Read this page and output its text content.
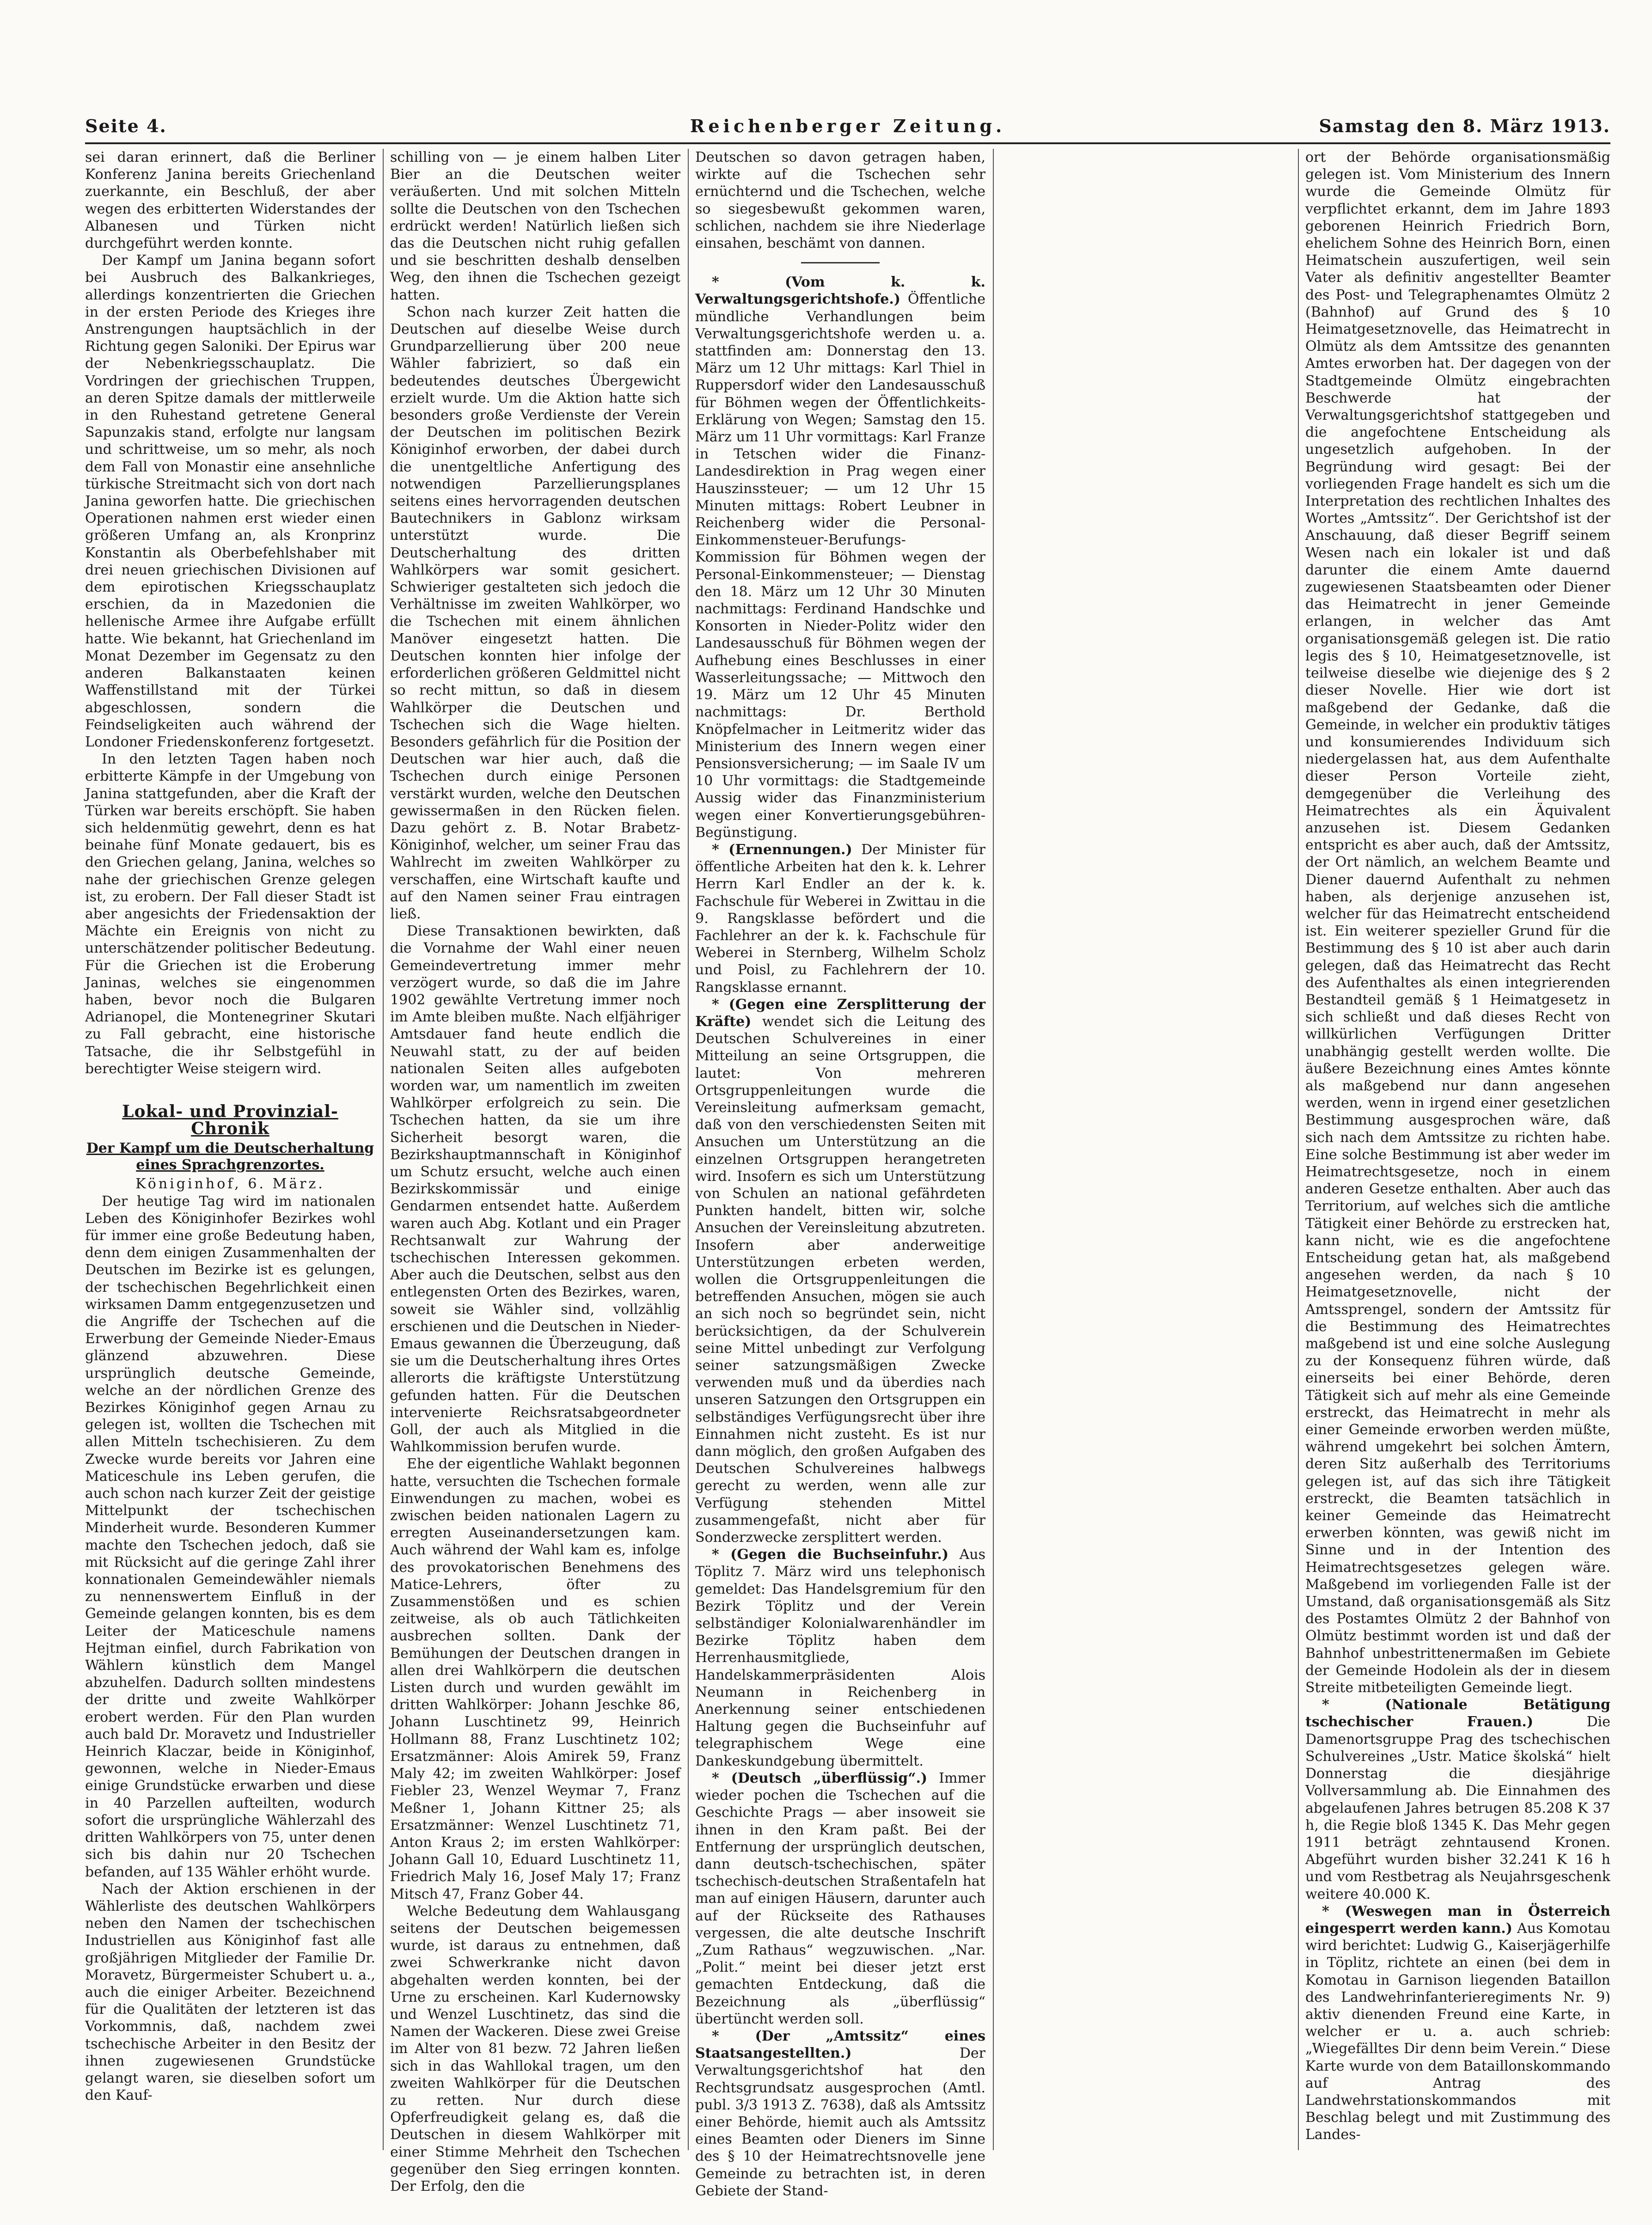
Seite 4.	Reichenberger Zeitung.	Samstag den 8. März 1913.

sei daran erinnert, daß die Berliner Konferenz Janina bereits Griechenland zuerkannte, ein Beschluß, der aber wegen des erbitterten Widerstandes der Albanesen und Türken nicht durchgeführt werden konnte.

Der Kampf um Janina begann sofort bei Ausbruch des Balkankrieges, allerdings konzentrierten die Griechen in der ersten Periode des Krieges ihre Anstrengungen hauptsächlich in der Richtung gegen Saloniki. Der Epirus war der Nebenkriegsschauplatz. Die Vordringen der griechischen Truppen, an deren Spitze damals der mittlerweile in den Ruhestand getretene General Sapunzakis stand, erfolgte nur langsam und schrittweise, um so mehr, als noch dem Fall von Monastir eine ansehnliche türkische Streitmacht sich von dort nach Janina geworfen hatte. Die griechischen Operationen nahmen erst wieder einen größeren Umfang an, als Kronprinz Konstantin als Oberbefehlshaber mit drei neuen griechischen Divisionen auf dem epirotischen Kriegsschauplatz erschien, da in Mazedonien die hellenische Armee ihre Aufgabe erfüllt hatte. Wie bekannt, hat Griechenland im Monat Dezember im Gegensatz zu den anderen Balkanstaaten keinen Waffenstillstand mit der Türkei abgeschlossen, sondern die Feindseligkeiten auch während der Londoner Friedenskonferenz fortgesetzt.

In den letzten Tagen haben noch erbitterte Kämpfe in der Umgebung von Janina stattgefunden, aber die Kraft der Türken war bereits erschöpft. Sie haben sich heldenmütig gewehrt, denn es hat beinahe fünf Monate gedauert, bis es den Griechen gelang, Janina, welches so nahe der griechischen Grenze gelegen ist, zu erobern. Der Fall dieser Stadt ist aber angesichts der Friedensaktion der Mächte ein Ereignis von nicht zu unterschätzender politischer Bedeutung. Für die Griechen ist die Eroberung Janinas, welches sie eingenommen haben, bevor noch die Bulgaren Adrianopel, die Montenegriner Skutari zu Fall gebracht, eine historische Tatsache, die ihr Selbstgefühl in berechtigter Weise steigern wird.

Lokal- und Provinzial-Chronik
Der Kampf um die Deutscherhaltung eines Sprachgrenzortes.
Königinhof, 6. März.

Der heutige Tag wird im nationalen Leben des Königinhofer Bezirkes wohl für immer eine große Bedeutung haben, denn dem einigen Zusammenhalten der Deutschen im Bezirke ist es gelungen, der tschechischen Begehrlichkeit einen wirksamen Damm entgegenzusetzen und die Angriffe der Tschechen auf die Erwerbung der Gemeinde Nieder-Emaus glänzend abzuwehren. Diese ursprünglich deutsche Gemeinde, welche an der nördlichen Grenze des Bezirkes Königinhof gegen Arnau zu gelegen ist, wollten die Tschechen mit allen Mitteln tschechisieren. Zu dem Zwecke wurde bereits vor Jahren eine Maticeschule ins Leben gerufen, die auch schon nach kurzer Zeit der geistige Mittelpunkt der tschechischen Minderheit wurde. Besonderen Kummer machte den Tschechen jedoch, daß sie mit Rücksicht auf die geringe Zahl ihrer konnationalen Gemeindewähler niemals zu nennenswertem Einfluß in der Gemeinde gelangen konnten, bis es dem Leiter der Maticeschule namens Hejtman einfiel, durch Fabrikation von Wählern künstlich dem Mangel abzuhelfen. Dadurch sollten mindestens der dritte und zweite Wahlkörper erobert werden. Für den Plan wurden auch bald Dr. Moravetz und Industrieller Heinrich Klaczar, beide in Königinhof, gewonnen, welche in Nieder-Emaus einige Grundstücke erwarben und diese in 40 Parzellen aufteilten, wodurch sofort die ursprüngliche Wählerzahl des dritten Wahlkörpers von 75, unter denen sich bis dahin nur 20 Tschechen befanden, auf 135 Wähler erhöht wurde.

Nach der Aktion erschienen in der Wählerliste des deutschen Wahlkörpers neben den Namen der tschechischen Industriellen aus Königinhof fast alle großjährigen Mitglieder der Familie Dr. Moravetz, Bürgermeister Schubert u. a., auch die einiger Arbeiter. Bezeichnend für die Qualitäten der letzteren ist das Vorkommnis, daß, nachdem zwei tschechische Arbeiter in den Besitz der ihnen zugewiesenen Grundstücke gelangt waren, sie dieselben sofort um den Kauf-

schilling von — je einem halben Liter Bier an die Deutschen weiter veräußerten. Und mit solchen Mitteln sollte die Deutschen von den Tschechen erdrückt werden! Natürlich ließen sich das die Deutschen nicht ruhig gefallen und sie beschritten deshalb denselben Weg, den ihnen die Tschechen gezeigt hatten.

Schon nach kurzer Zeit hatten die Deutschen auf dieselbe Weise durch Grundparzellierung über 200 neue Wähler fabriziert, so daß ein bedeutendes deutsches Übergewicht erzielt wurde. Um die Aktion hatte sich besonders große Verdienste der Verein der Deutschen im politischen Bezirk Königinhof erworben, der dabei durch die unentgeltliche Anfertigung des notwendigen Parzellierungsplanes seitens eines hervorragenden deutschen Bautechnikers in Gablonz wirksam unterstützt wurde. Die Deutscherhaltung des dritten Wahlkörpers war somit gesichert. Schwieriger gestalteten sich jedoch die Verhältnisse im zweiten Wahlkörper, wo die Tschechen mit einem ähnlichen Manöver eingesetzt hatten. Die Deutschen konnten hier infolge der erforderlichen größeren Geldmittel nicht so recht mittun, so daß in diesem Wahlkörper die Deutschen und Tschechen sich die Wage hielten. Besonders gefährlich für die Position der Deutschen war hier auch, daß die Tschechen durch einige Personen verstärkt wurden, welche den Deutschen gewissermaßen in den Rücken fielen. Dazu gehört z. B. Notar Brabetz-Königinhof, welcher, um seiner Frau das Wahlrecht im zweiten Wahlkörper zu verschaffen, eine Wirtschaft kaufte und auf den Namen seiner Frau eintragen ließ.

Diese Transaktionen bewirkten, daß die Vornahme der Wahl einer neuen Gemeindevertretung immer mehr verzögert wurde, so daß die im Jahre 1902 gewählte Vertretung immer noch im Amte bleiben mußte. Nach elfjähriger Amtsdauer fand heute endlich die Neuwahl statt, zu der auf beiden nationalen Seiten alles aufgeboten worden war, um namentlich im zweiten Wahlkörper erfolgreich zu sein. Die Tschechen hatten, da sie um ihre Sicherheit besorgt waren, die Bezirkshauptmannschaft in Königinhof um Schutz ersucht, welche auch einen Bezirkskommissär und einige Gendarmen entsendet hatte. Außerdem waren auch Abg. Kotlant und ein Prager Rechtsanwalt zur Wahrung der tschechischen Interessen gekommen. Aber auch die Deutschen, selbst aus den entlegensten Orten des Bezirkes, waren, soweit sie Wähler sind, vollzählig erschienen und die Deutschen in Nieder-Emaus gewannen die Überzeugung, daß sie um die Deutscherhaltung ihres Ortes allerorts die kräftigste Unterstützung gefunden hatten. Für die Deutschen intervenierte Reichsratsabgeordneter Goll, der auch als Mitglied in die Wahlkommission berufen wurde.

Ehe der eigentliche Wahlakt begonnen hatte, versuchten die Tschechen formale Einwendungen zu machen, wobei es zwischen beiden nationalen Lagern zu erregten Auseinandersetzungen kam. Auch während der Wahl kam es, infolge des provokatorischen Benehmens des Matice-Lehrers, öfter zu Zusammenstößen und es schien zeitweise, als ob auch Tätlichkeiten ausbrechen sollten. Dank der Bemühungen der Deutschen drangen in allen drei Wahlkörpern die deutschen Listen durch und wurden gewählt im dritten Wahlkörper: Johann Jeschke 86, Johann Luschtinetz 99, Heinrich Hollmann 88, Franz Luschtinetz 102; Ersatzmänner: Alois Amirek 59, Franz Maly 42; im zweiten Wahlkörper: Josef Fiebler 23, Wenzel Weymar 7, Franz Meßner 1, Johann Kittner 25; als Ersatzmänner: Wenzel Luschtinetz 71, Anton Kraus 2; im ersten Wahlkörper: Johann Gall 10, Eduard Luschtinetz 11, Friedrich Maly 16, Josef Maly 17; Franz Mitsch 47, Franz Gober 44.

Welche Bedeutung dem Wahlausgang seitens der Deutschen beigemessen wurde, ist daraus zu entnehmen, daß zwei Schwerkranke nicht davon abgehalten werden konnten, bei der Urne zu erscheinen. Karl Kudernowsky und Wenzel Luschtinetz, das sind die Namen der Wackeren. Diese zwei Greise im Alter von 81 bezw. 72 Jahren ließen sich in das Wahllokal tragen, um den zweiten Wahlkörper für die Deutschen zu retten. Nur durch diese Opferfreudigkeit gelang es, daß die Deutschen in diesem Wahlkörper mit einer Stimme Mehrheit den Tschechen gegenüber den Sieg erringen konnten. Der Erfolg, den die

Deutschen so davon getragen haben, wirkte auf die Tschechen sehr ernüchternd und die Tschechen, welche so siegesbewußt gekommen waren, schlichen, nachdem sie ihre Niederlage einsahen, beschämt von dannen.

* (Vom k. k. Verwaltungsgerichtshofe.) Öffentliche mündliche Verhandlungen beim Verwaltungsgerichtshofe werden u. a. stattfinden am: Donnerstag den 13. März um 12 Uhr mittags: Karl Thiel in Ruppersdorf wider den Landesausschuß für Böhmen wegen der Öffentlichkeits-Erklärung von Wegen; Samstag den 15. März um 11 Uhr vormittags: Karl Franze in Tetschen wider die Finanz-Landesdirektion in Prag wegen einer Hauszinssteuer; — um 12 Uhr 15 Minuten mittags: Robert Leubner in Reichenberg wider die Personal-Einkommensteuer-Berufungs-Kommission für Böhmen wegen der Personal-Einkommensteuer; — Dienstag den 18. März um 12 Uhr 30 Minuten nachmittags: Ferdinand Handschke und Konsorten in Nieder-Politz wider den Landesausschuß für Böhmen wegen der Aufhebung eines Beschlusses in einer Wasserleitungssache; — Mittwoch den 19. März um 12 Uhr 45 Minuten nachmittags: Dr. Berthold Knöpfelmacher in Leitmeritz wider das Ministerium des Innern wegen einer Pensionsversicherung; — im Saale IV um 10 Uhr vormittags: die Stadtgemeinde Aussig wider das Finanzministerium wegen einer Konvertierungsgebühren-Begünstigung.

* (Ernennungen.) Der Minister für öffentliche Arbeiten hat den k. k. Lehrer Herrn Karl Endler an der k. k. Fachschule für Weberei in Zwittau in die 9. Rangsklasse befördert und die Fachlehrer an der k. k. Fachschule für Weberei in Sternberg, Wilhelm Scholz und Poisl, zu Fachlehrern der 10. Rangsklasse ernannt.

* (Gegen eine Zersplitterung der Kräfte) wendet sich die Leitung des Deutschen Schulvereines in einer Mitteilung an seine Ortsgruppen, die lautet: Von mehreren Ortsgruppenleitungen wurde die Vereinsleitung aufmerksam gemacht, daß von den verschiedensten Seiten mit Ansuchen um Unterstützung an die einzelnen Ortsgruppen herangetreten wird. Insofern es sich um Unterstützung von Schulen an national gefährdeten Punkten handelt, bitten wir, solche Ansuchen der Vereinsleitung abzutreten. Insofern aber anderweitige Unterstützungen erbeten werden, wollen die Ortsgruppenleitungen die betreffenden Ansuchen, mögen sie auch an sich noch so begründet sein, nicht berücksichtigen, da der Schulverein seine Mittel unbedingt zur Verfolgung seiner satzungsmäßigen Zwecke verwenden muß und da überdies nach unseren Satzungen den Ortsgruppen ein selbständiges Verfügungsrecht über ihre Einnahmen nicht zusteht. Es ist nur dann möglich, den großen Aufgaben des Deutschen Schulvereines halbwegs gerecht zu werden, wenn alle zur Verfügung stehenden Mittel zusammengefaßt, nicht aber für Sonderzwecke zersplittert werden.

* (Gegen die Buchseinfuhr.) Aus Töplitz 7. März wird uns telephonisch gemeldet: Das Handelsgremium für den Bezirk Töplitz und der Verein selbständiger Kolonialwarenhändler im Bezirke Töplitz haben dem Herrenhausmitgliede, Handelskammerpräsidenten Alois Neumann in Reichenberg in Anerkennung seiner entschiedenen Haltung gegen die Buchseinfuhr auf telegraphischem Wege eine Dankeskundgebung übermittelt.

* (Deutsch „überflüssig“.) Immer wieder pochen die Tschechen auf die Geschichte Prags — aber insoweit sie ihnen in den Kram paßt. Bei der Entfernung der ursprünglich deutschen, dann deutsch-tschechischen, später tschechisch-deutschen Straßentafeln hat man auf einigen Häusern, darunter auch auf der Rückseite des Rathauses vergessen, die alte deutsche Inschrift „Zum Rathaus“ wegzuwischen. „Nar. „Polit.“ meint bei dieser jetzt erst gemachten Entdeckung, daß die Bezeichnung als „überflüssig“ übertüncht werden soll.

* (Der „Amtssitz“ eines Staatsangestellten.)	Der Verwaltungsgerichtshof hat den Rechtsgrundsatz ausgesprochen (Amtl. publ. 3/3 1913 Z. 7638), daß als Amtssitz einer Behörde, hiemit auch als Amtssitz eines Beamten oder Dieners im Sinne des § 10 der Heimatrechtsnovelle jene Gemeinde zu betrachten ist, in deren Gebiete der Stand-

ort der Behörde organisationsmäßig gelegen ist. Vom Ministerium des Innern wurde die Gemeinde Olmütz für verpflichtet erkannt, dem im Jahre 1893 geborenen Heinrich Friedrich Born, ehelichem Sohne des Heinrich Born, einen Heimatschein auszufertigen, weil sein Vater als definitiv angestellter Beamter des Post- und Telegraphenamtes Olmütz 2 (Bahnhof) auf Grund des § 10 Heimatgesetznovelle, das Heimatrecht in Olmütz als dem Amtssitze des genannten Amtes erworben hat. Der dagegen von der Stadtgemeinde Olmütz eingebrachten Beschwerde hat der Verwaltungsgerichtshof stattgegeben und die angefochtene Entscheidung als ungesetzlich aufgehoben. In der Begründung wird gesagt: Bei der vorliegenden Frage handelt es sich um die Interpretation des rechtlichen Inhaltes des Wortes „Amtssitz“. Der Gerichtshof ist der Anschauung, daß dieser Begriff seinem Wesen nach ein lokaler ist und daß darunter die einem Amte dauernd zugewiesenen Staatsbeamten oder Diener das Heimatrecht in jener Gemeinde erlangen, in welcher das Amt organisationsgemäß gelegen ist. Die ratio legis des § 10, Heimatgesetznovelle, ist teilweise dieselbe wie diejenige des § 2 dieser Novelle. Hier wie dort ist maßgebend der Gedanke, daß die Gemeinde, in welcher ein produktiv tätiges und konsumierendes Individuum sich niedergelassen hat, aus dem Aufenthalte dieser Person Vorteile zieht, demgegenüber die Verleihung des Heimatrechtes als ein Äquivalent anzusehen ist. Diesem Gedanken entspricht es aber auch, daß der Amtssitz, der Ort nämlich, an welchem Beamte und Diener dauernd Aufenthalt zu nehmen haben, als derjenige anzusehen ist, welcher für das Heimatrecht entscheidend ist. Ein weiterer spezieller Grund für die Bestimmung des § 10 ist aber auch darin gelegen, daß das Heimatrecht das Recht des Aufenthaltes als einen integrierenden Bestandteil gemäß § 1 Heimatgesetz in sich schließt und daß dieses Recht von willkürlichen Verfügungen Dritter unabhängig gestellt werden wollte. Die äußere Bezeichnung eines Amtes könnte als maßgebend nur dann angesehen werden, wenn in irgend einer gesetzlichen Bestimmung ausgesprochen wäre, daß sich nach dem Amtssitze zu richten habe. Eine solche Bestimmung ist aber weder im Heimatrechtsgesetze, noch in einem anderen Gesetze enthalten. Aber auch das Territorium, auf welches sich die amtliche Tätigkeit einer Behörde zu erstrecken hat, kann nicht, wie es die angefochtene Entscheidung getan hat, als maßgebend angesehen werden, da nach § 10 Heimatgesetznovelle, nicht der Amtssprengel, sondern der Amtssitz für die Bestimmung des Heimatrechtes maßgebend ist und eine solche Auslegung zu der Konsequenz führen würde, daß einerseits bei einer Behörde, deren Tätigkeit sich auf mehr als eine Gemeinde erstreckt, das Heimatrecht in mehr als einer Gemeinde erworben werden müßte, während umgekehrt bei solchen Ämtern, deren Sitz außerhalb des Territoriums gelegen ist, auf das sich ihre Tätigkeit erstreckt, die Beamten tatsächlich in keiner Gemeinde das Heimatrecht erwerben könnten, was gewiß nicht im Sinne und in der Intention des Heimatrechtsgesetzes gelegen wäre. Maßgebend im vorliegenden Falle ist der Umstand, daß organisationsgemäß als Sitz des Postamtes Olmütz 2 der Bahnhof von Olmütz bestimmt worden ist und daß der Bahnhof unbestrittenermaßen im Gebiete der Gemeinde Hodolein als der in diesem Streite mitbeteiligten Gemeinde liegt.

* (Nationale Betätigung tschechischer Frauen.)	Die Damenortsgruppe Prag des tschechischen Schulvereines „Ustr. Matice školská“ hielt Donnerstag die diesjährige Vollversammlung ab. Die Einnahmen des abgelaufenen Jahres betrugen 85.208 K 37 h, die Regie bloß 1345 K. Das Mehr gegen 1911 beträgt zehntausend Kronen. Abgeführt wurden bisher 32.241 K 16 h und vom Restbetrag als Neujahrsgeschenk weitere 40.000 K.

* (Weswegen man in Österreich eingesperrt werden kann.) Aus Komotau wird berichtet: Ludwig G., Kaiserjägerhilfe in Töplitz, richtete an einen (bei dem in Komotau in Garnison liegenden Bataillon des Landwehrinfanterieregiments Nr. 9) aktiv dienenden Freund eine Karte, in welcher er u. a. auch schrieb: „Wiegefälltes Dir denn beim Verein.“ Diese Karte wurde von dem Bataillonskommando auf Antrag des Landwehrstationskommandos mit Beschlag belegt und mit Zustimmung des Landes-
